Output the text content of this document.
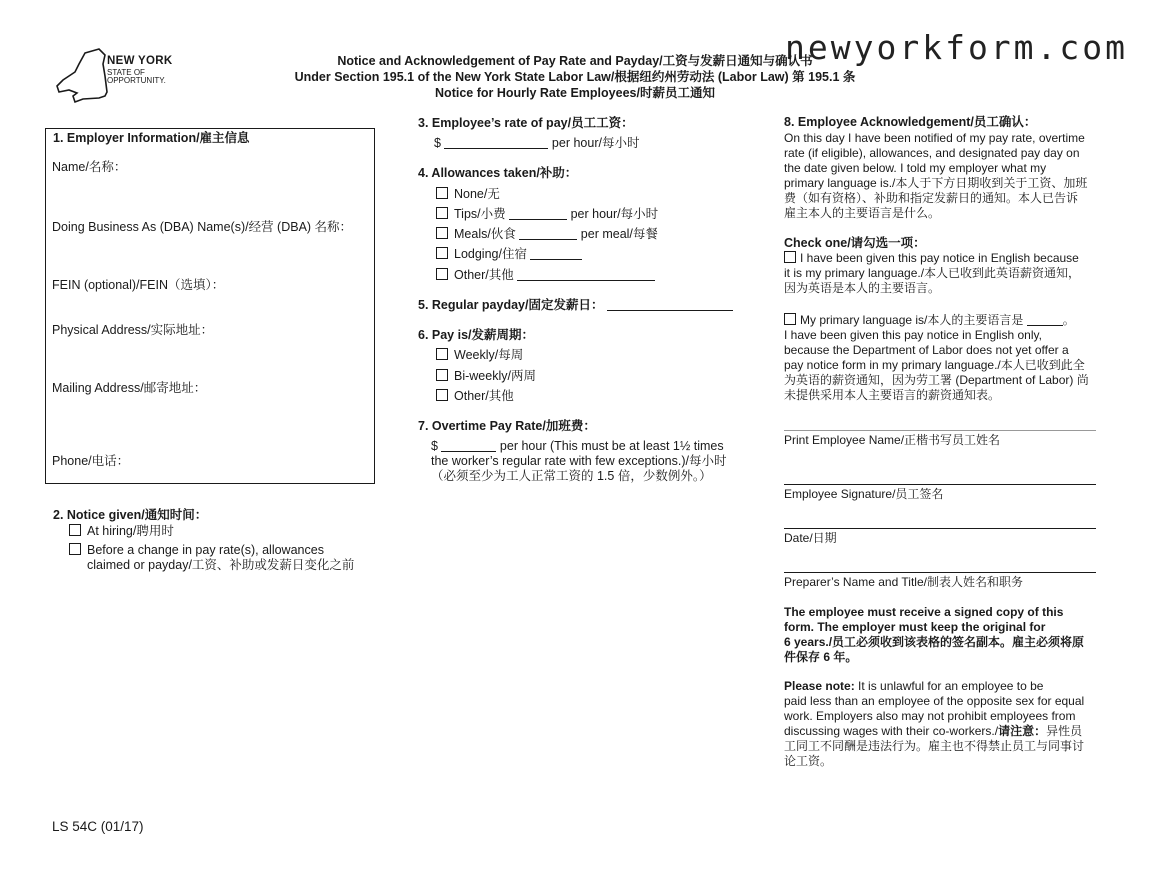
newyorkform.com
NEW YORK
STATE OF
OPPORTUNITY.
Notice and Acknowledgement of Pay Rate and Payday/工资与发薪日通知与确认书
Under Section 195.1 of the New York State Labor Law/根据纽约州劳动法 (Labor Law) 第 195.1 条
Notice for Hourly Rate Employees/时薪员工通知
1. Employer Information/雇主信息
Name/名称：
Doing Business As (DBA) Name(s)/经营 (DBA) 名称：
FEIN (optional)/FEIN（选填）：
Physical Address/实际地址：
Mailing Address/邮寄地址：
Phone/电话：
2. Notice given/通知时间：
At hiring/聘用时
Before a change in pay rate(s), allowances
claimed or payday/工资、补助或发薪日变化之前
3. Employee’s rate of pay/员工工资：
$	per hour/每小时
4. Allowances taken/补助：
None/无
Tips/小费	per hour/每小时
Meals/伙食	per meal/每餐
Lodging/住宿
Other/其他
5. Regular payday/固定发薪日：
6. Pay is/发薪周期：
Weekly/每周
Bi-weekly/两周
Other/其他
7. Overtime Pay Rate/加班费：
$	per hour (This must be at least 1½ times
the worker’s regular rate with few exceptions.)/每小时
（必须至少为工人正常工资的 1.5 倍，少数例外。）
8. Employee Acknowledgement/员工确认：
On this day I have been notified of my pay rate, overtime
rate (if eligible), allowances, and designated pay day on
the date given below. I told my employer what my
primary language is./本人于下方日期收到关于工资、加班
费（如有资格）、补助和指定发薪日的通知。本人已告诉
雇主本人的主要语言是什么。
Check one/请勾选一项：
I have been given this pay notice in English because
it is my primary language./本人已收到此英语薪资通知，
因为英语是本人的主要语言。
My primary language is/本人的主要语言是	。
I have been given this pay notice in English only,
because the Department of Labor does not yet offer a
pay notice form in my primary language./本人已收到此全
为英语的薪资通知，因为劳工署 (Department of Labor) 尚
未提供采用本人主要语言的薪资通知表。
Print Employee Name/正楷书写员工姓名
Employee Signature/员工签名
Date/日期
Preparer’s Name and Title/制表人姓名和职务
The employee must receive a signed copy of this
form. The employer must keep the original for
6 years./员工必须收到该表格的签名副本。雇主必须将原
件保存 6 年。
Please note: It is unlawful for an employee to be
paid less than an employee of the opposite sex for equal
work. Employers also may not prohibit employees from
discussing wages with their co-workers./请注意：异性员
工同工不同酬是违法行为。雇主也不得禁止员工与同事讨
论工资。
LS 54C (01/17)
